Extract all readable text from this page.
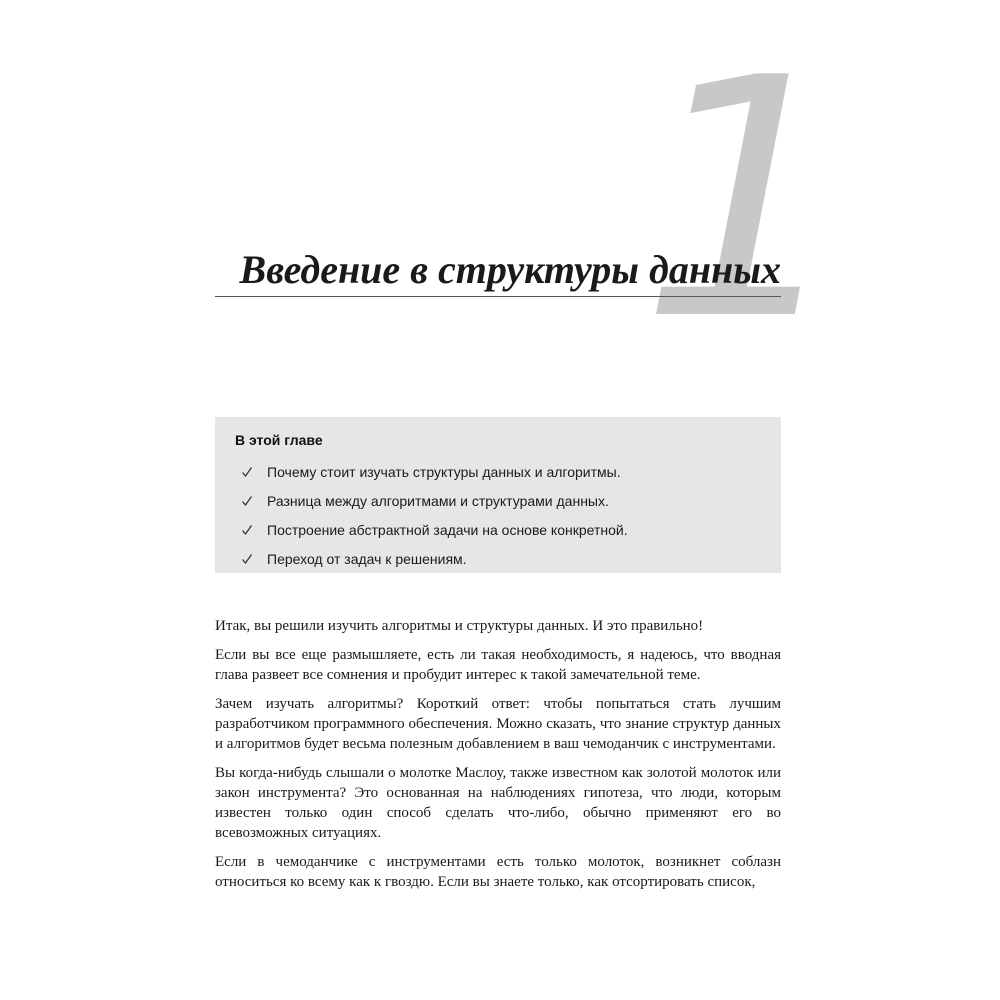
1
Введение в структуры данных
В этой главе
Почему стоит изучать структуры данных и алгоритмы.
Разница между алгоритмами и структурами данных.
Построение абстрактной задачи на основе конкретной.
Переход от задач к решениям.

Итак, вы решили изучить алгоритмы и структуры данных. И это правильно!

Если вы все еще размышляете, есть ли такая необходимость, я надеюсь, что вводная глава развеет все сомнения и пробудит интерес к такой замечательной теме.

Зачем изучать алгоритмы? Короткий ответ: чтобы попытаться стать лучшим разработчиком программного обеспечения. Можно сказать, что знание структур данных и алгоритмов будет весьма полезным добавлением в ваш чемоданчик с инструментами.

Вы когда-нибудь слышали о молотке Маслоу, также известном как золотой молоток или закон инструмента? Это основанная на наблюдениях гипотеза, что люди, которым известен только один способ сделать что-либо, обычно применяют его во всевозможных ситуациях.

Если в чемоданчике с инструментами есть только молоток, возникнет соблазн относиться ко всему как к гвоздю. Если вы знаете только, как отсортировать список,
